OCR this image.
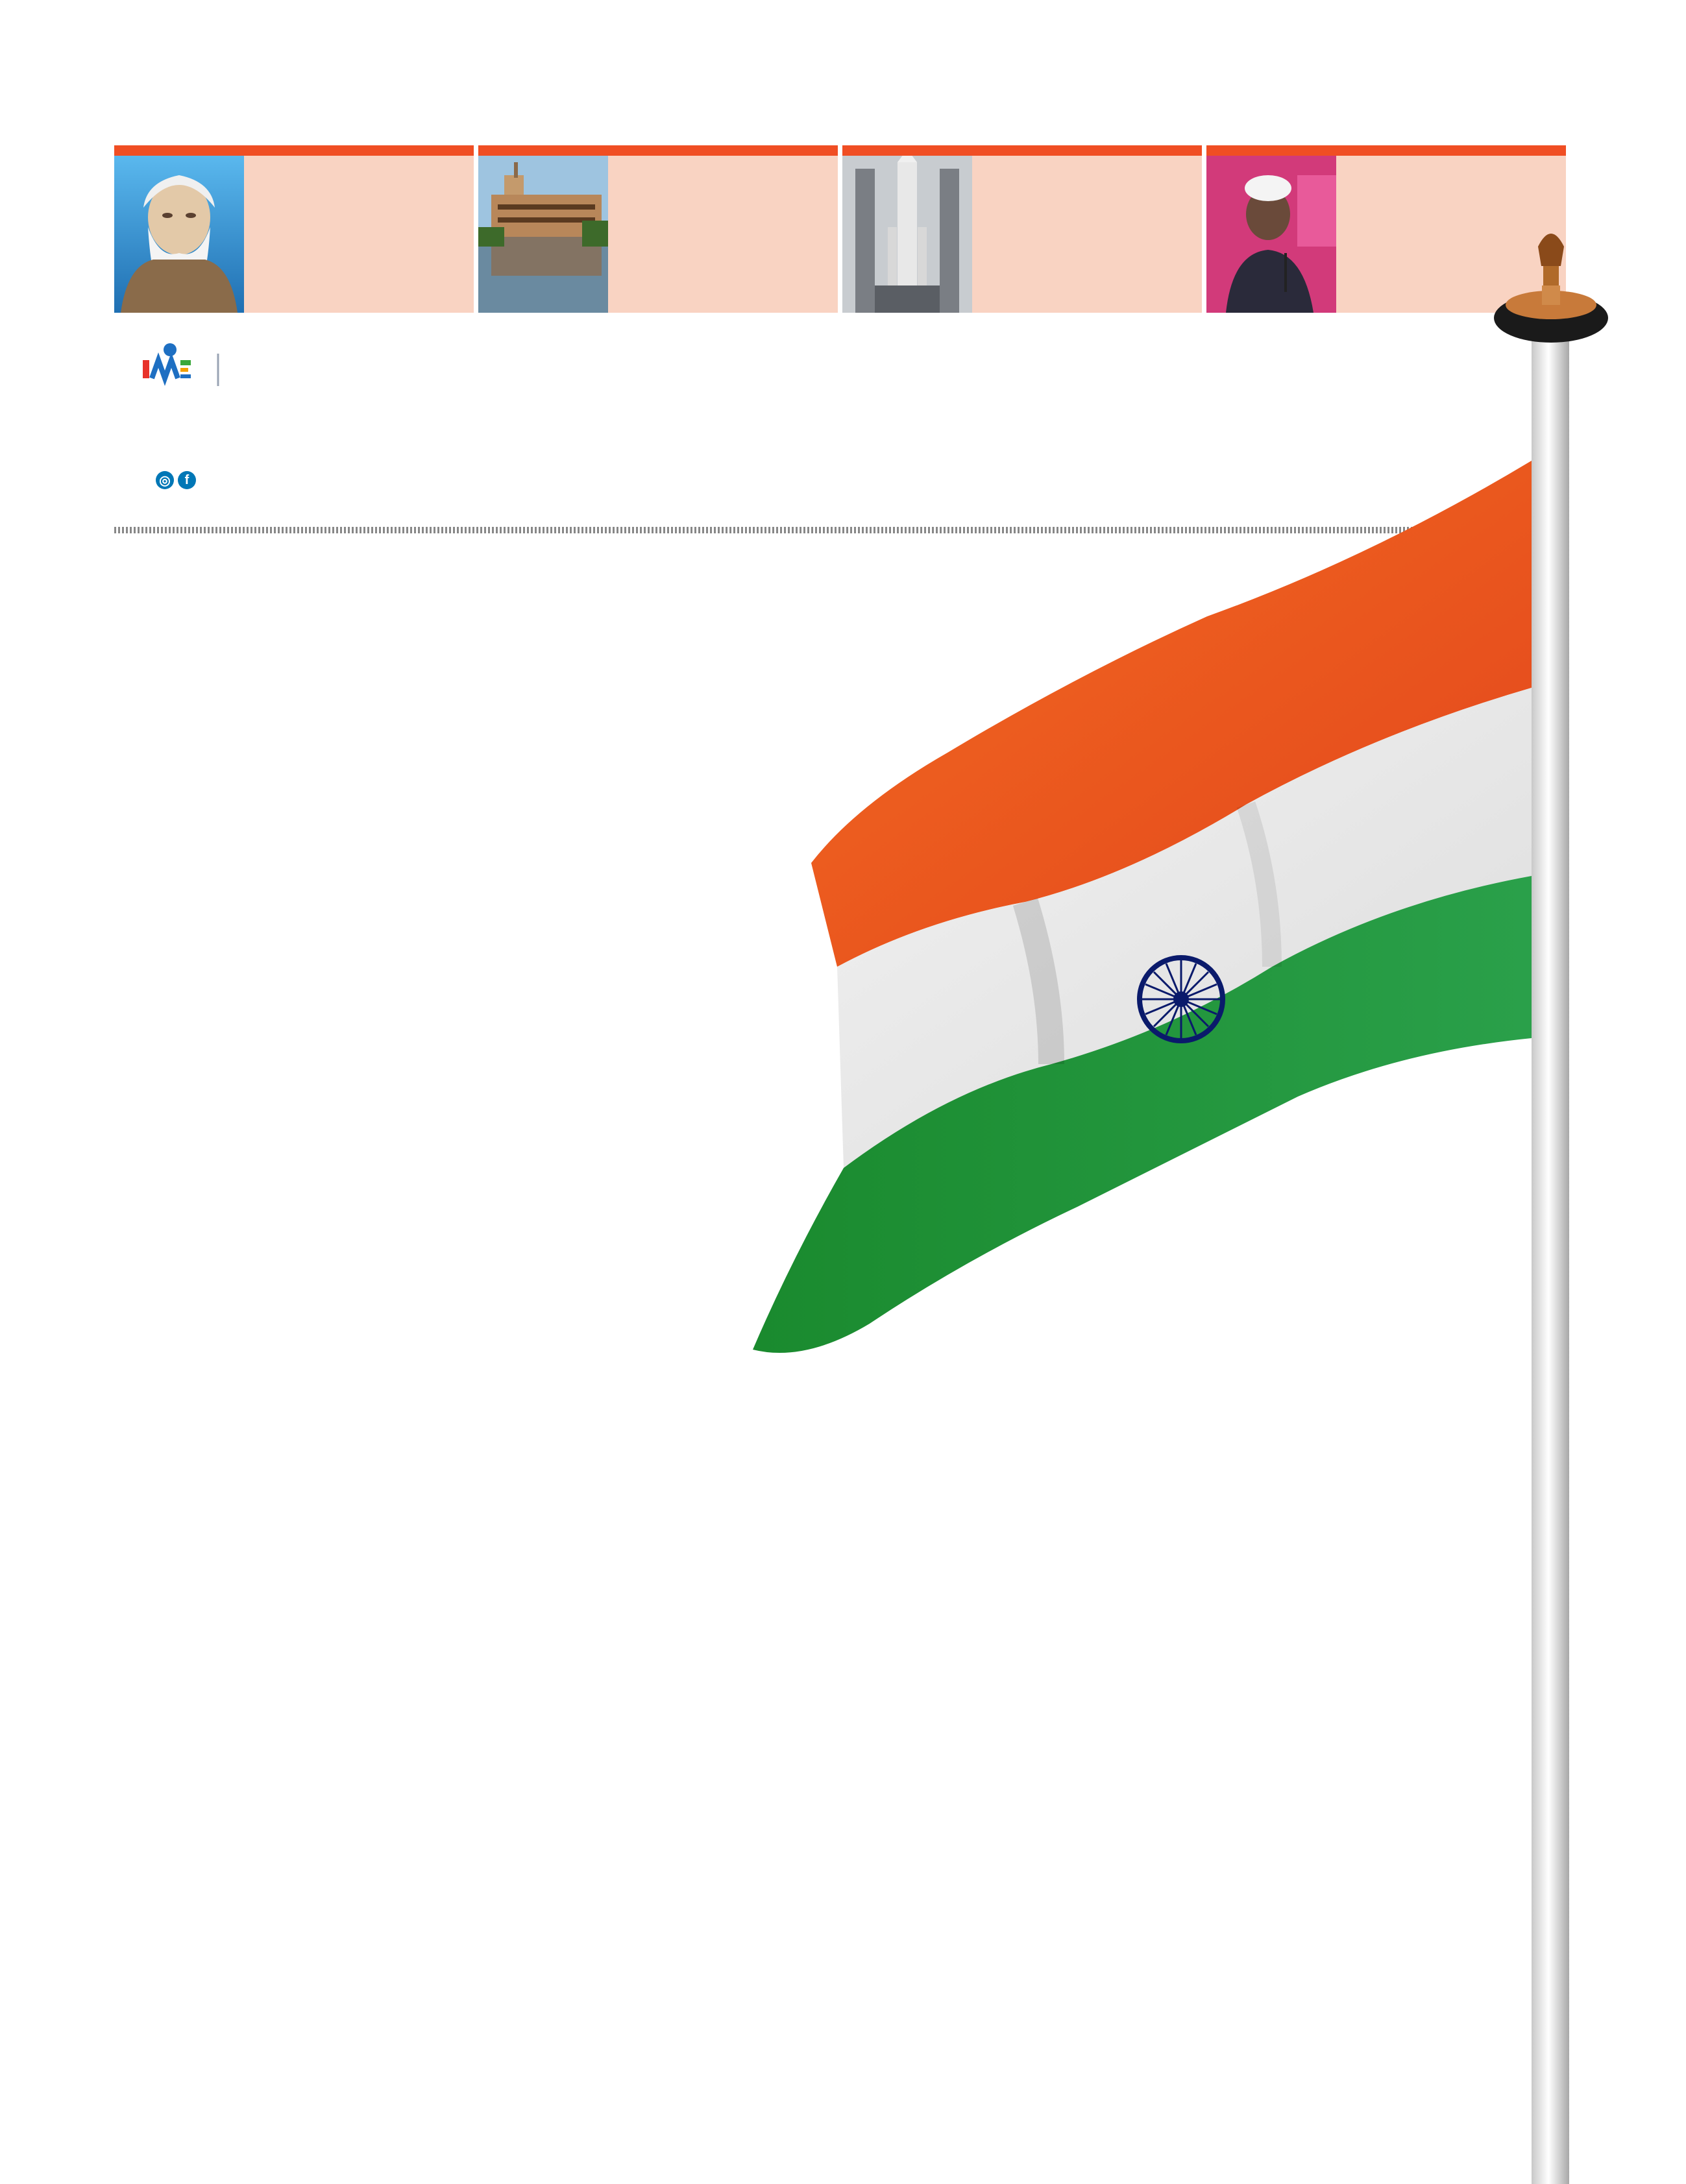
◎	f
